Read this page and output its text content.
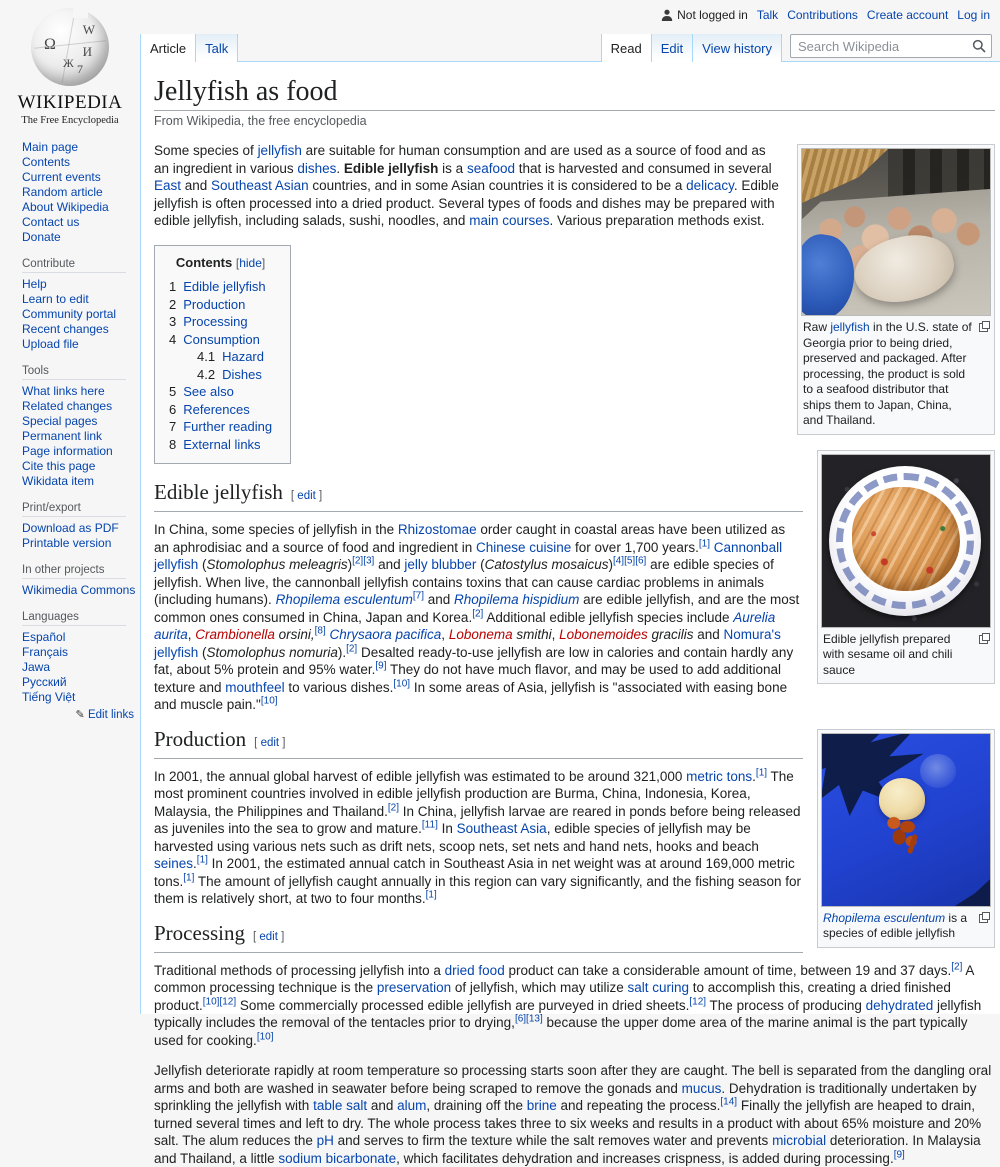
Ω
W
И
Ж 7
WIKIPEDIA
The Free Encyclopedia
Main page
Contents
Current events
Random article
About Wikipedia
Contact us
Donate
Contribute
Help
Learn to edit
Community portal
Recent changes
Upload file
Tools
What links here
Related changes
Special pages
Permanent link
Page information
Cite this page
Wikidata item
Print/export
Download as PDF
Printable version
In other projects
Wikimedia Commons
Languages
Español
Français
Jawa
Русский
Tiếng Việt
✎ Edit links
Not logged in Talk Contributions Create account Log in
Article Talk	Read Edit View history
Search Wikipedia
Jellyfish as food
From Wikipedia, the free encyclopedia
Raw jellyfish in the U.S. state of Georgia prior to being dried, preserved and packaged. After processing, the product is sold to a seafood distributor that ships them to Japan, China, and Thailand.

Some species of jellyfish are suitable for human consumption and are used as a source of food and as an ingredient in various dishes. Edible jellyfish is a seafood that is harvested and consumed in several East and Southeast Asian countries, and in some Asian countries it is considered to be a delicacy. Edible jellyfish is often processed into a dried product. Several types of foods and dishes may be prepared with edible jellyfish, including salads, sushi, noodles, and main courses. Various preparation methods exist.

Edible jellyfish prepared with sesame oil and chili sauce
Contents [hide]
1 Edible jellyfish
2 Production
3 Processing
4 Consumption
4.1 Hazard
4.2 Dishes
5 See also
6 References
7 Further reading
8 External links
Edible jellyfish [ edit ]

In China, some species of jellyfish in the Rhizostomae order caught in coastal areas have been utilized as an aphrodisiac and a source of food and ingredient in Chinese cuisine for over 1,700 years.[1] Cannonball jellyfish (Stomolophus meleagris)[2][3] and jelly blubber (Catostylus mosaicus)[4][5][6] are edible species of jellyfish. When live, the cannonball jellyfish contains toxins that can cause cardiac problems in animals (including humans). Rhopilema esculentum[7] and Rhopilema hispidium are edible jellyfish, and are the most common ones consumed in China, Japan and Korea.[2] Additional edible jellyfish species include Aurelia aurita, Crambionella orsini,[8] Chrysaora pacifica, Lobonema smithi, Lobonemoides gracilis and Nomura's jellyfish (Stomolophus nomuria).[2] Desalted ready-to-use jellyfish are low in calories and contain hardly any fat, about 5% protein and 95% water.[9] They do not have much flavor, and may be used to add additional texture and mouthfeel to various dishes.[10] In some areas of Asia, jellyfish is "associated with easing bone and muscle pain."[10]

Rhopilema esculentum is a species of edible jellyfish
Production [ edit ]

In 2001, the annual global harvest of edible jellyfish was estimated to be around 321,000 metric tons.[1] The most prominent countries involved in edible jellyfish production are Burma, China, Indonesia, Korea, Malaysia, the Philippines and Thailand.[2] In China, jellyfish larvae are reared in ponds before being released as juveniles into the sea to grow and mature.[11] In Southeast Asia, edible species of jellyfish may be harvested using various nets such as drift nets, scoop nets, set nets and hand nets, hooks and beach seines.[1] In 2001, the estimated annual catch in Southeast Asia in net weight was at around 169,000 metric tons.[1] The amount of jellyfish caught annually in this region can vary significantly, and the fishing season for them is relatively short, at two to four months.[1]

Processing [ edit ]

Traditional methods of processing jellyfish into a dried food product can take a considerable amount of time, between 19 and 37 days.[2] A common processing technique is the preservation of jellyfish, which may utilize salt curing to accomplish this, creating a dried finished product.[10][12] Some commercially processed edible jellyfish are purveyed in dried sheets.[12] The process of producing dehydrated jellyfish typically includes the removal of the tentacles prior to drying,[6][13] because the upper dome area of the marine animal is the part typically used for cooking.[10]

Jellyfish deteriorate rapidly at room temperature so processing starts soon after they are caught. The bell is separated from the dangling oral arms and both are washed in seawater before being scraped to remove the gonads and mucus. Dehydration is traditionally undertaken by sprinkling the jellyfish with table salt and alum, draining off the brine and repeating the process.[14] Finally the jellyfish are heaped to drain, turned several times and left to dry. The whole process takes three to six weeks and results in a product with about 65% moisture and 20% salt. The alum reduces the pH and serves to firm the texture while the salt removes water and prevents microbial deterioration. In Malaysia and Thailand, a little sodium bicarbonate, which facilitates dehydration and increases crispness, is added during processing.[9]
